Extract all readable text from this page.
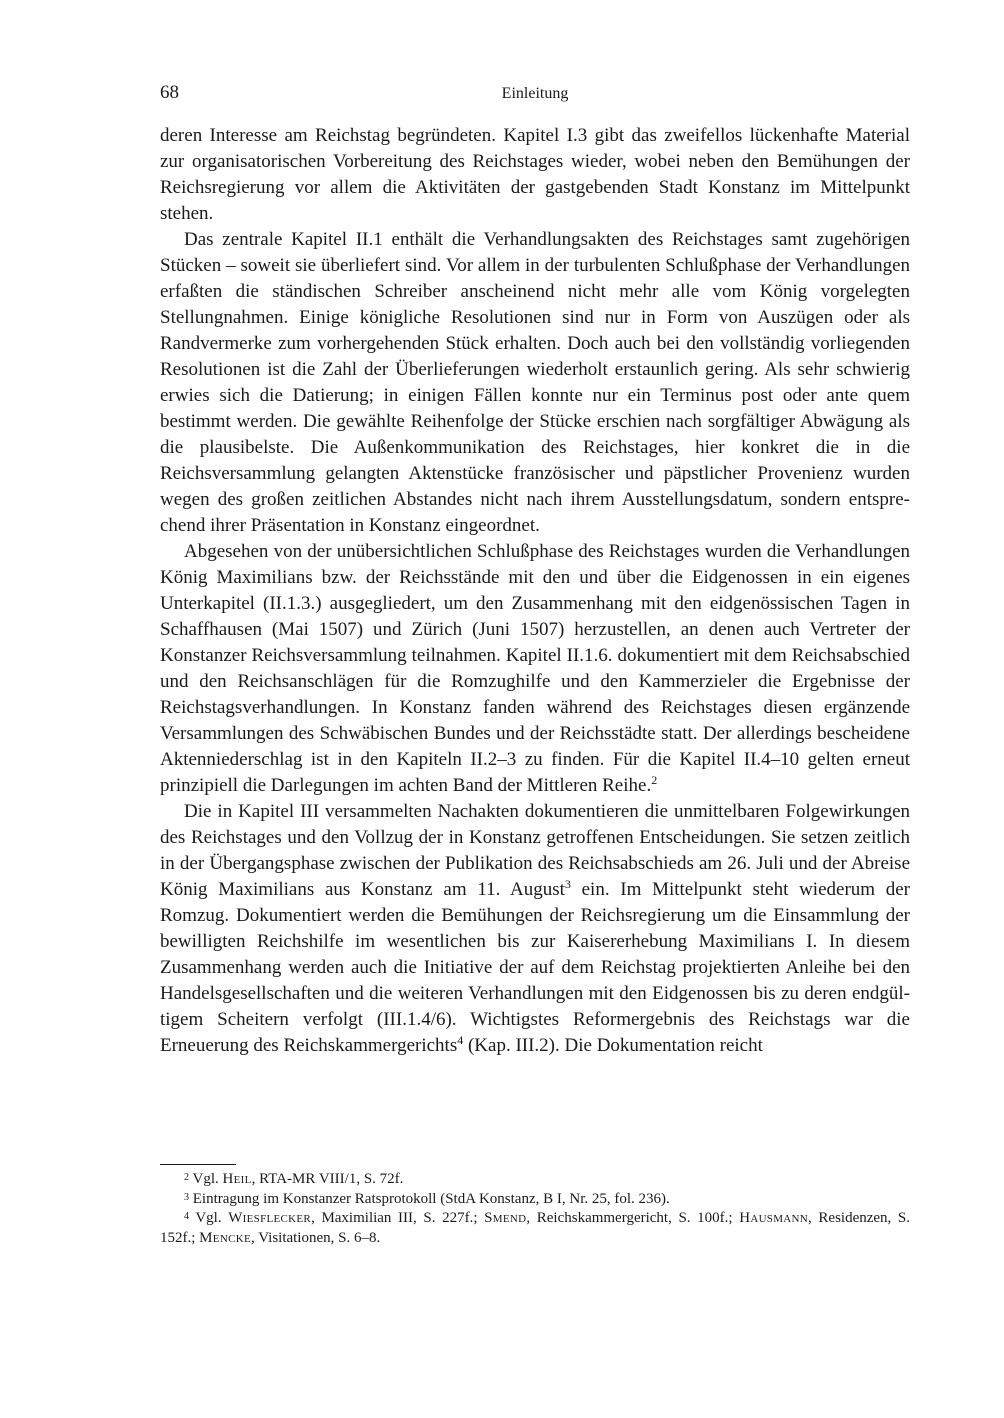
68	Einleitung

deren Interesse am Reichstag begründeten. Kapitel I.3 gibt das zweifellos lückenhafte Material zur organisatorischen Vorbereitung des Reichstages wieder, wobei neben den Bemühungen der Reichsregierung vor allem die Aktivitäten der gastgebenden Stadt Konstanz im Mittelpunkt stehen.

Das zentrale Kapitel II.1 enthält die Verhandlungsakten des Reichstages samt zugehörigen Stücken – soweit sie überliefert sind. Vor allem in der turbulenten Schlußphase der Verhandlungen erfaßten die ständischen Schreiber anscheinend nicht mehr alle vom König vorgelegten Stellungnahmen. Einige königliche Resolutionen sind nur in Form von Auszügen oder als Randvermerke zum vorhergehenden Stück erhalten. Doch auch bei den vollständig vorliegenden Resolutionen ist die Zahl der Überlieferungen wiederholt erstaunlich gering. Als sehr schwierig erwies sich die Datierung; in einigen Fällen konnte nur ein Terminus post oder ante quem bestimmt werden. Die gewählte Reihenfolge der Stücke erschien nach sorgfältiger Abwägung als die plausibelste. Die Außenkommunikation des Reichstages, hier konkret die in die Reichsversammlung gelangten Aktenstücke französischer und päpstlicher Provenienz wurden wegen des großen zeitlichen Abstandes nicht nach ihrem Ausstellungsdatum, sondern entsprechend ihrer Präsentation in Konstanz eingeordnet.

Abgesehen von der unübersichtlichen Schlußphase des Reichstages wurden die Verhandlungen König Maximilians bzw. der Reichsstände mit den und über die Eidgenossen in ein eigenes Unterkapitel (II.1.3.) ausgegliedert, um den Zusammenhang mit den eidgenössischen Tagen in Schaffhausen (Mai 1507) und Zürich (Juni 1507) herzustellen, an denen auch Vertreter der Konstanzer Reichsversammlung teilnahmen. Kapitel II.1.6. dokumentiert mit dem Reichsabschied und den Reichsanschlägen für die Romzughilfe und den Kammerzieler die Ergebnisse der Reichstagsverhandlungen. In Konstanz fanden während des Reichstages diesen ergänzende Versammlungen des Schwäbischen Bundes und der Reichsstädte statt. Der allerdings bescheidene Aktenniederschlag ist in den Kapiteln II.2–3 zu finden. Für die Kapitel II.4–10 gelten erneut prinzipiell die Darlegungen im achten Band der Mittleren Reihe.$^2$

Die in Kapitel III versammelten Nachakten dokumentieren die unmittelbaren Folgewirkungen des Reichstages und den Vollzug der in Konstanz getroffenen Entscheidungen. Sie setzen zeitlich in der Übergangsphase zwischen der Publikation des Reichsabschieds am 26. Juli und der Abreise König Maximilians aus Konstanz am 11. August$^3$ ein. Im Mittelpunkt steht wiederum der Romzug. Dokumentiert werden die Bemühungen der Reichsregierung um die Einsammlung der bewilligten Reichshilfe im wesentlichen bis zur Kaisererhebung Maximilians I. In diesem Zusammenhang werden auch die Initiative der auf dem Reichstag projektierten Anleihe bei den Handelsgesellschaften und die weiteren Verhandlungen mit den Eidgenossen bis zu deren endgültigem Scheitern verfolgt (III.1.4/6). Wichtigstes Reformergebnis des Reichstags war die Erneuerung des Reichskammergerichts$^4$ (Kap. III.2). Die Dokumentation reicht

$^2$ Vgl. Heil, RTA-MR VIII/1, S. 72f.

$^3$ Eintragung im Konstanzer Ratsprotokoll (StdA Konstanz, B I, Nr. 25, fol. 236).

$^4$ Vgl. Wiesflecker, Maximilian III, S. 227f.; Smend, Reichskammergericht, S. 100f.; Hausmann, Residenzen, S. 152f.; Mencke, Visitationen, S. 6–8.
